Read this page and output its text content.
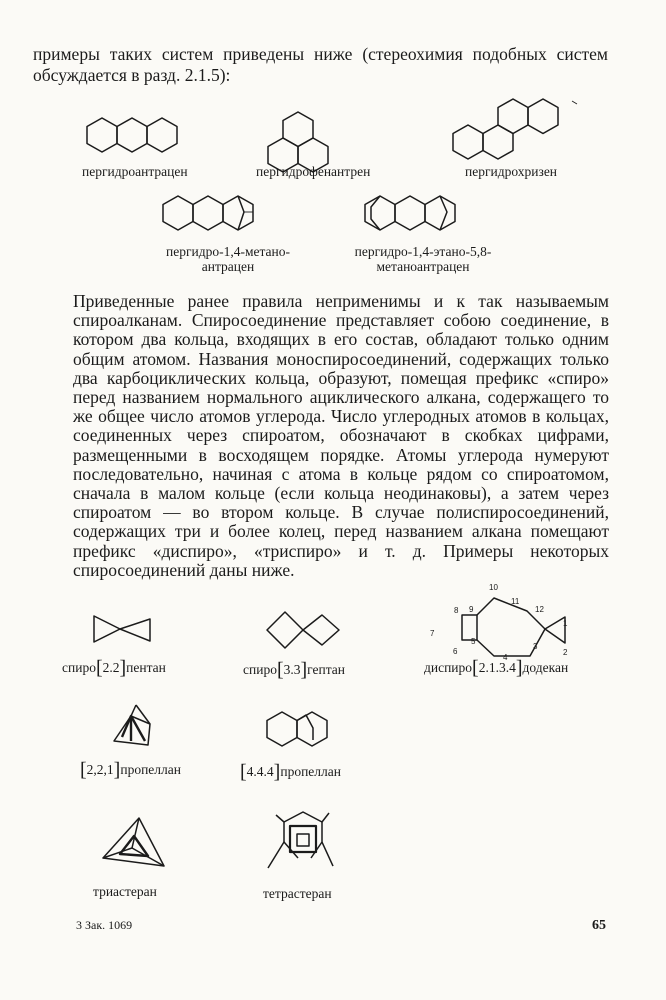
примеры таких систем приведены ниже (стереохимия подобных систем обсуждается в разд. 2.1.5):
пергидроантрацен	пергидрофенантрен	пергидрохризен
пергидро-1,4-метано-
антрацен
пергидро-1,4-этано-5,8-
метаноантрацен
Приведенные ранее правила неприменимы и к так называемым спироалканам. Спиросоединение представляет собою соединение, в котором два кольца, входящих в его состав, обладают только одним общим атомом. Названия моноспиросоединений, содержащих только два карбоциклических кольца, образуют, помещая префикс «спиро» перед названием нормального ациклического алкана, содержащего то же общее число атомов углерода. Число углеродных атомов в кольцах, соединенных через спироатом, обозначают в скобках цифрами, размещенными в восходящем порядке. Атомы углерода нумеруют последовательно, начиная с атома в кольце рядом со спироатомом, сначала в малом кольце (если кольца неодинаковы), а затем через спироатом — во втором кольце. В случае полиспиросоединений, содержащих три и более колец, перед названием алкана помещают префикс «диспиро», «триспиро» и т. д. Примеры некоторых спиросоединений даны ниже.
1
2
3
4
5
6
7
8 9
10
11
12
спиро[2.2]пентан	спиро[3.3]гептан	диспиро[2.1.3.4]додекан
[2,2,1]пропеллан	[4.4.4]пропеллан
триастеран	тетрастеран
3 Зак. 1069	65
